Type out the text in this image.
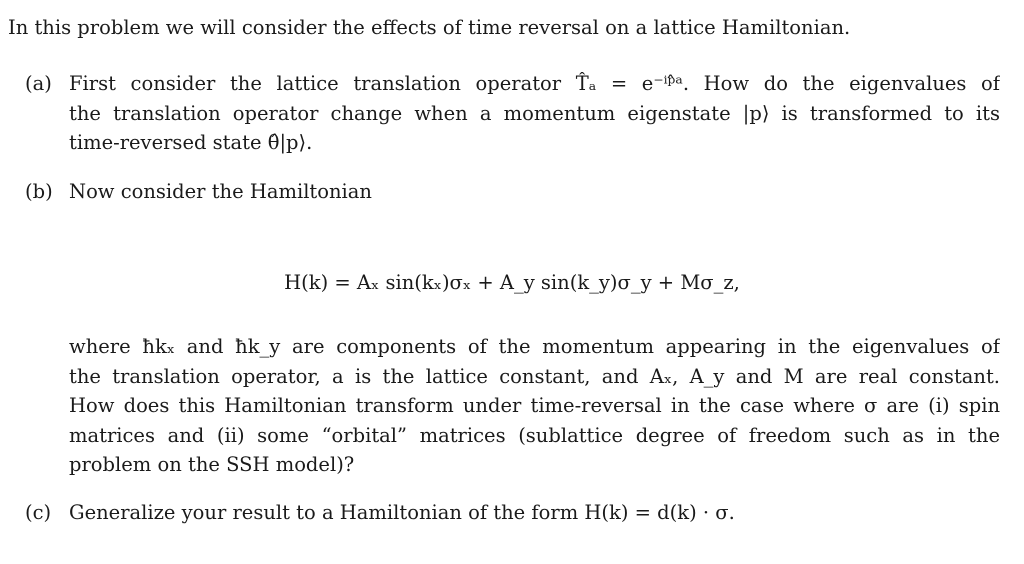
In this problem we will consider the effects of time reversal on a lattice Hamiltonian.
(a) First consider the lattice translation operator T̂ₐ = e⁻ⁱᵖ̂ᵃ. How do the eigenvalues of
the translation operator change when a momentum eigenstate |p⟩ is transformed to its
time-reversed state θ̂|p⟩.
(b) Now consider the Hamiltonian
H(k) = Aₓ sin(kₓ)σₓ + A_y sin(k_y)σ_y + Mσ_z,
where ħkₓ and ħk_y are components of the momentum appearing in the eigenvalues of
the translation operator, a is the lattice constant, and Aₓ, A_y and M are real constant.
How does this Hamiltonian transform under time-reversal in the case where σ are (i) spin
matrices and (ii) some “orbital” matrices (sublattice degree of freedom such as in the
problem on the SSH model)?
(c) Generalize your result to a Hamiltonian of the form H(k) = d(k) · σ.
